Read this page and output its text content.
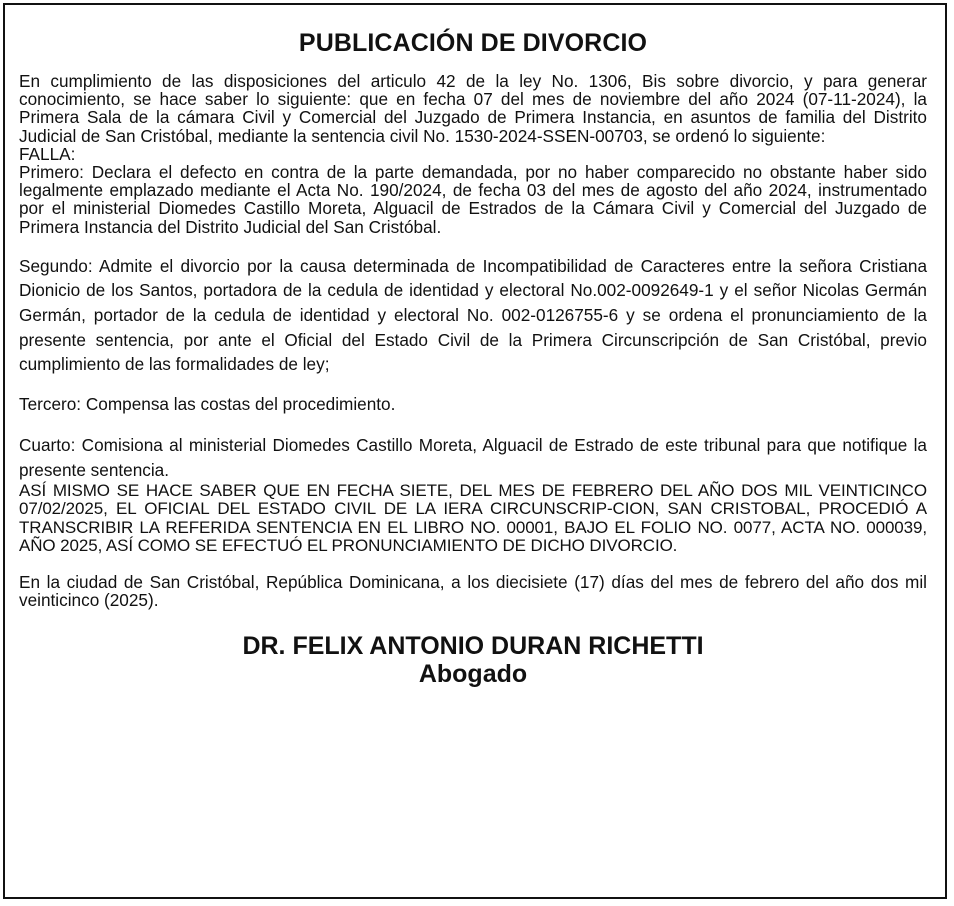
PUBLICACIÓN DE DIVORCIO

En cumplimiento de las disposiciones del articulo 42 de la ley No. 1306, Bis sobre divorcio, y para generar conocimiento, se hace saber lo siguiente: que en fecha 07 del mes de noviembre del año 2024 (07-11-2024), la Primera Sala de la cámara Civil y Comercial del Juzgado de Primera Instancia, en asuntos de familia del Distrito Judicial de San Cristóbal, mediante la sentencia civil No. 1530-2024-SSEN-00703, se ordenó lo siguiente:

FALLA:

Primero: Declara el defecto en contra de la parte demandada, por no haber comparecido no obstante haber sido legalmente emplazado mediante el Acta No. 190/2024, de fecha 03 del mes de agosto del año 2024, instrumentado por el ministerial Diomedes Castillo Moreta, Alguacil de Estrados de la Cámara Civil y Comercial del Juzgado de Primera Instancia del Distrito Judicial del San Cristóbal.

Segundo: Admite el divorcio por la causa determinada de Incompatibilidad de Caracteres entre la señora Cristiana Dionicio de los Santos, portadora de la cedula de identidad y electoral No.002-0092649-1 y el señor Nicolas Germán Germán, portador de la cedula de identidad y electoral No. 002-0126755-6 y se ordena el pronunciamiento de la presente sentencia, por ante el Oficial del Estado Civil de la Primera Circunscripción de San Cristóbal, previo cumplimiento de las formalidades de ley;

Tercero: Compensa las costas del procedimiento.

Cuarto: Comisiona al ministerial Diomedes Castillo Moreta, Alguacil de Estrado de este tribunal para que notifique la presente sentencia.

ASÍ MISMO SE HACE SABER QUE EN FECHA SIETE, DEL MES DE FEBRERO DEL AÑO DOS MIL VEINTICINCO 07/02/2025, EL OFICIAL DEL ESTADO CIVIL DE LA IERA CIRCUNSCRIP-CION, SAN CRISTOBAL, PROCEDIÓ A TRANSCRIBIR LA REFERIDA SENTENCIA EN EL LIBRO NO. 00001, BAJO EL FOLIO NO. 0077, ACTA NO. 000039, AÑO 2025, ASÍ COMO SE EFECTUÓ EL PRONUNCIAMIENTO DE DICHO DIVORCIO.

En la ciudad de San Cristóbal, República Dominicana, a los diecisiete (17) días del mes de febrero del año dos mil veinticinco (2025).

DR. FELIX ANTONIO DURAN RICHETTI
Abogado
